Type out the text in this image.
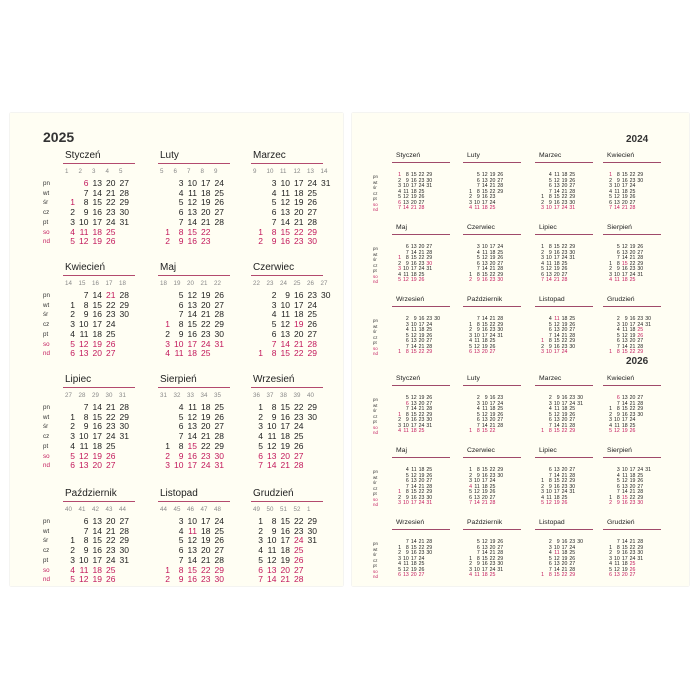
2025
pn
wt
śr
cz
pt
so
nd
Styczeń
1 2 3 4 5
1
2
3
4
5
6
7
8
9
10
11
12
13
14
15
16
17
18
19
20
21
22
23
24
25
26
27
28
29
30
31
Luty
5 6 7 8 9
1
2
3
4
5
6
7
8
9
10
11
12
13
14
15
16
17
18
19
20
21
22
23
24
25
26
27
28
Marzec
9 10 11 12 13 14
1
2
3
4
5
6
7
8
9
10
11
12
13
14
15
16
17
18
19
20
21
22
23
24
25
26
27
28
29
30
31
pn
wt
śr
cz
pt
so
nd
Kwiecień
14 15 16 17 18
1
2
3
4
5
6
7
8
9
10
11
12
13
14
15
16
17
18
19
20
21
22
23
24
25
26
27
28
29
30
Maj
18 19 20 21 22
1
2
3
4
5
6
7
8
9
10
11
12
13
14
15
16
17
18
19
20
21
22
23
24
25
26
27
28
29
30
31
Czerwiec
22 23 24 25 26 27
1
2
3
4
5
6
7
8
9
10
11
12
13
14
15
16
17
18
19
20
21
22
23
24
25
26
27
28
29
30
pn
wt
śr
cz
pt
so
nd
Lipiec
27 28 29 30 31
1
2
3
4
5
6
7
8
9
10
11
12
13
14
15
16
17
18
19
20
21
22
23
24
25
26
27
28
29
30
31
Sierpień
31 32 33 34 35
1
2
3
4
5
6
7
8
9
10
11
12
13
14
15
16
17
18
19
20
21
22
23
24
25
26
27
28
29
30
31
Wrzesień
36 37 38 39 40
1
2
3
4
5
6
7
8
9
10
11
12
13
14
15
16
17
18
19
20
21
22
23
24
25
26
27
28
29
30
pn
wt
śr
cz
pt
so
nd
Październik
40 41 42 43 44
1
2
3
4
5
6
7
8
9
10
11
12
13
14
15
16
17
18
19
20
21
22
23
24
25
26
27
28
29
30
31
Listopad
44 45 46 47 48
1
2
3
4
5
6
7
8
9
10
11
12
13
14
15
16
17
18
19
20
21
22
23
24
25
26
27
28
29
30
Grudzień
49 50 51 52 1
1
2
3
4
5
6
7
8
9
10
11
12
13
14
15
16
17
18
19
20
21
22
23
24
25
26
27
28
29
30
31
2024
2026
pn
wt
śr
cz
pt
so
nd
Styczeń
1
2
3
4
5
6
7
8
9
10
11
12
13
14
15
16
17
18
19
20
21
22
23
24
25
26
27
28
29
30
31
Luty
1
2
3
4
5
6
7
8
9
10
11
12
13
14
15
16
17
18
19
20
21
22
23
24
25
26
27
28
29
Marzec
1
2
3
4
5
6
7
8
9
10
11
12
13
14
15
16
17
18
19
20
21
22
23
24
25
26
27
28
29
30
31
Kwiecień
1
2
3
4
5
6
7
8
9
10
11
12
13
14
15
16
17
18
19
20
21
22
23
24
25
26
27
28
29
30
pn
wt
śr
cz
pt
so
nd
Maj
1
2
3
4
5
6
7
8
9
10
11
12
13
14
15
16
17
18
19
20
21
22
23
24
25
26
27
28
29
30
31
Czerwiec
1
2
3
4
5
6
7
8
9
10
11
12
13
14
15
16
17
18
19
20
21
22
23
24
25
26
27
28
29
30
Lipiec
1
2
3
4
5
6
7
8
9
10
11
12
13
14
15
16
17
18
19
20
21
22
23
24
25
26
27
28
29
30
31
Sierpień
1
2
3
4
5
6
7
8
9
10
11
12
13
14
15
16
17
18
19
20
21
22
23
24
25
26
27
28
29
30
31
pn
wt
śr
cz
pt
so
nd
Wrzesień
1
2
3
4
5
6
7
8
9
10
11
12
13
14
15
16
17
18
19
20
21
22
23
24
25
26
27
28
29
30
Październik
1
2
3
4
5
6
7
8
9
10
11
12
13
14
15
16
17
18
19
20
21
22
23
24
25
26
27
28
29
30
31
Listopad
1
2
3
4
5
6
7
8
9
10
11
12
13
14
15
16
17
18
19
20
21
22
23
24
25
26
27
28
29
30
Grudzień
1
2
3
4
5
6
7
8
9
10
11
12
13
14
15
16
17
18
19
20
21
22
23
24
25
26
27
28
29
30
31
pn
wt
śr
cz
pt
so
nd
Styczeń
1
2
3
4
5
6
7
8
9
10
11
12
13
14
15
16
17
18
19
20
21
22
23
24
25
26
27
28
29
30
31
Luty
1
2
3
4
5
6
7
8
9
10
11
12
13
14
15
16
17
18
19
20
21
22
23
24
25
26
27
28
Marzec
1
2
3
4
5
6
7
8
9
10
11
12
13
14
15
16
17
18
19
20
21
22
23
24
25
26
27
28
29
30
31
Kwiecień
1
2
3
4
5
6
7
8
9
10
11
12
13
14
15
16
17
18
19
20
21
22
23
24
25
26
27
28
29
30
pn
wt
śr
cz
pt
so
nd
Maj
1
2
3
4
5
6
7
8
9
10
11
12
13
14
15
16
17
18
19
20
21
22
23
24
25
26
27
28
29
30
31
Czerwiec
1
2
3
4
5
6
7
8
9
10
11
12
13
14
15
16
17
18
19
20
21
22
23
24
25
26
27
28
29
30
Lipiec
1
2
3
4
5
6
7
8
9
10
11
12
13
14
15
16
17
18
19
20
21
22
23
24
25
26
27
28
29
30
31
Sierpień
1
2
3
4
5
6
7
8
9
10
11
12
13
14
15
16
17
18
19
20
21
22
23
24
25
26
27
28
29
30
31
pn
wt
śr
cz
pt
so
nd
Wrzesień
1
2
3
4
5
6
7
8
9
10
11
12
13
14
15
16
17
18
19
20
21
22
23
24
25
26
27
28
29
30
Październik
1
2
3
4
5
6
7
8
9
10
11
12
13
14
15
16
17
18
19
20
21
22
23
24
25
26
27
28
29
30
31
Listopad
1
2
3
4
5
6
7
8
9
10
11
12
13
14
15
16
17
18
19
20
21
22
23
24
25
26
27
28
29
30
Grudzień
1
2
3
4
5
6
7
8
9
10
11
12
13
14
15
16
17
18
19
20
21
22
23
24
25
26
27
28
29
30
31
